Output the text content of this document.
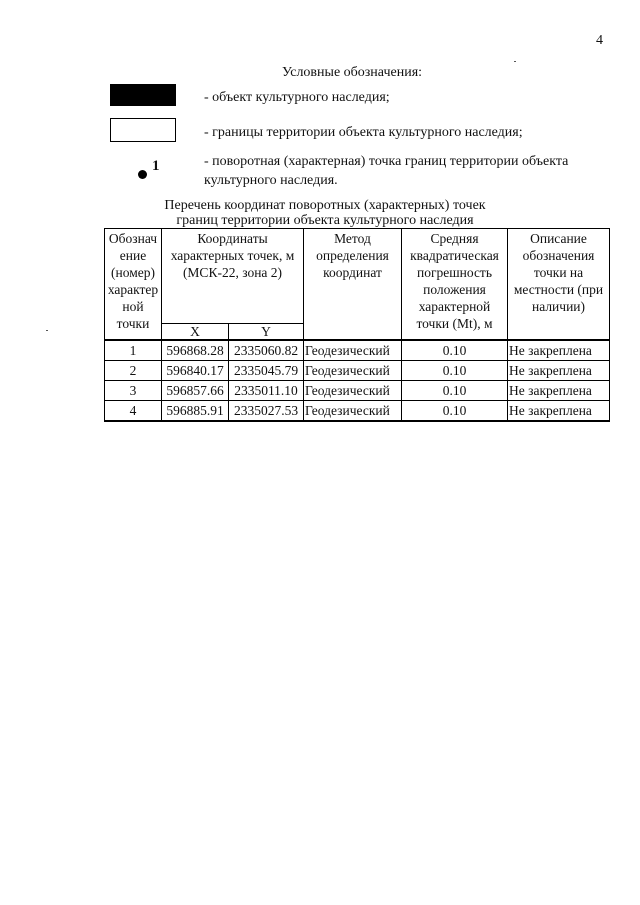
4
Условные обозначения:
- объект культурного наследия;
- границы территории объекта культурного наследия;
1	- поворотная (характерная) точка границ территории объекта культурного наследия.
Перечень координат поворотных (характерных) точек
границ территории объекта культурного наследия
Обозначение (номер) характерной точки	Координаты характерных точек, м (МСК-22, зона 2)		Метод определения координат	Средняя квадратическая погрешность положения характерной точки (Mt), м	Описание обозначения точки на местности (при наличии)
	X	Y			
1	596868.28	2335060.82	Геодезический	0.10	Не закреплена
2	596840.17	2335045.79	Геодезический	0.10	Не закреплена
3	596857.66	2335011.10	Геодезический	0.10	Не закреплена
4	596885.91	2335027.53	Геодезический	0.10	Не закреплена
